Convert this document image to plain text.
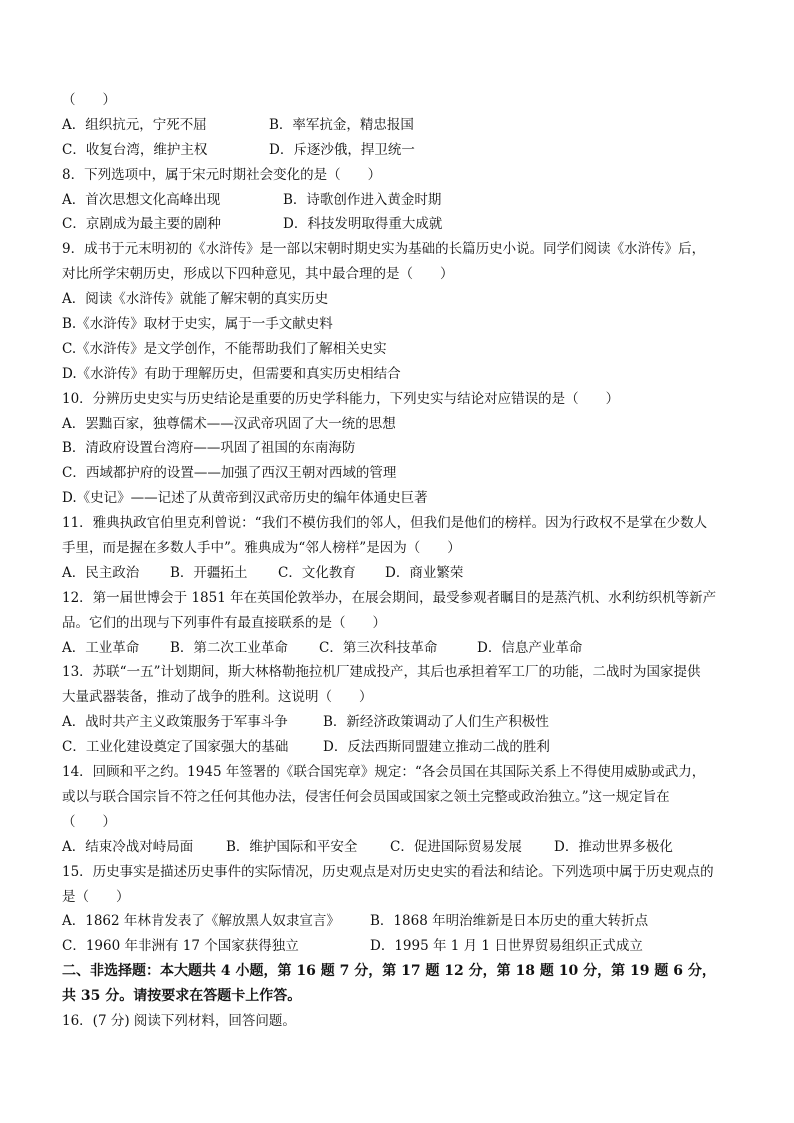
（　　）
A．组织抗元，宁死不屈	B．率军抗金，精忠报国
C．收复台湾，维护主权	D．斥逐沙俄，捍卫统一
8．下列选项中，属于宋元时期社会变化的是（　　）
A．首次思想文化高峰出现	B．诗歌创作进入黄金时期
C．京剧成为最主要的剧种	D．科技发明取得重大成就
9．成书于元末明初的《水浒传》是一部以宋朝时期史实为基础的长篇历史小说。同学们阅读《水浒传》后，
对比所学宋朝历史，形成以下四种意见，其中最合理的是（　　）
A．阅读《水浒传》就能了解宋朝的真实历史
B.《水浒传》取材于史实，属于一手文献史料
C.《水浒传》是文学创作，不能帮助我们了解相关史实
D.《水浒传》有助于理解历史，但需要和真实历史相结合
10．分辨历史史实与历史结论是重要的历史学科能力，下列史实与结论对应错误的是（　　）
A．罢黜百家，独尊儒术——汉武帝巩固了大一统的思想
B．清政府设置台湾府——巩固了祖国的东南海防
C．西域都护府的设置——加强了西汉王朝对西域的管理
D.《史记》——记述了从黄帝到汉武帝历史的编年体通史巨著
11．雅典执政官伯里克利曾说：“我们不模仿我们的邻人，但我们是他们的榜样。因为行政权不是掌在少数人
手里，而是握在多数人手中”。雅典成为“邻人榜样”是因为（　　）
A．民主政治 B．开疆拓土 C．文化教育 D．商业繁荣
12．第一届世博会于 1851 年在英国伦敦举办，在展会期间，最受参观者瞩目的是蒸汽机、水利纺织机等新产
品。它们的出现与下列事件有最直接联系的是（　　）
A．工业革命 B．第二次工业革命 C．第三次科技革命	D．信息产业革命
13．苏联“一五”计划期间，斯大林格勒拖拉机厂建成投产，其后也承担着军工厂的功能，二战时为国家提供
大量武器装备，推动了战争的胜利。这说明（　　）
A．战时共产主义政策服务于军事斗争	B．新经济政策调动了人们生产积极性
C．工业化建设奠定了国家强大的基础	D．反法西斯同盟建立推动二战的胜利
14．回顾和平之约。1945 年签署的《联合国宪章》规定：“各会员国在其国际关系上不得使用威胁或武力，
或以与联合国宗旨不符之任何其他办法，侵害任何会员国或国家之领土完整或政治独立。”这一规定旨在
（　　）
A．结束冷战对峙局面 B．维护国际和平安全 C．促进国际贸易发展 D．推动世界多极化
15．历史事实是描述历史事件的实际情况，历史观点是对历史史实的看法和结论。下列选项中属于历史观点的
是（　　）
A．1862 年林肯发表了《解放黑人奴隶宣言》 B．1868 年明治维新是日本历史的重大转折点
C．1960 年非洲有 17 个国家获得独立	D．1995 年 1 月 1 日世界贸易组织正式成立
二、非选择题：本大题共 4 小题，第 16 题 7 分，第 17 题 12 分，第 18 题 10 分，第 19 题 6 分，
共 35 分。请按要求在答题卡上作答。
16．(7 分) 阅读下列材料，回答问题。
